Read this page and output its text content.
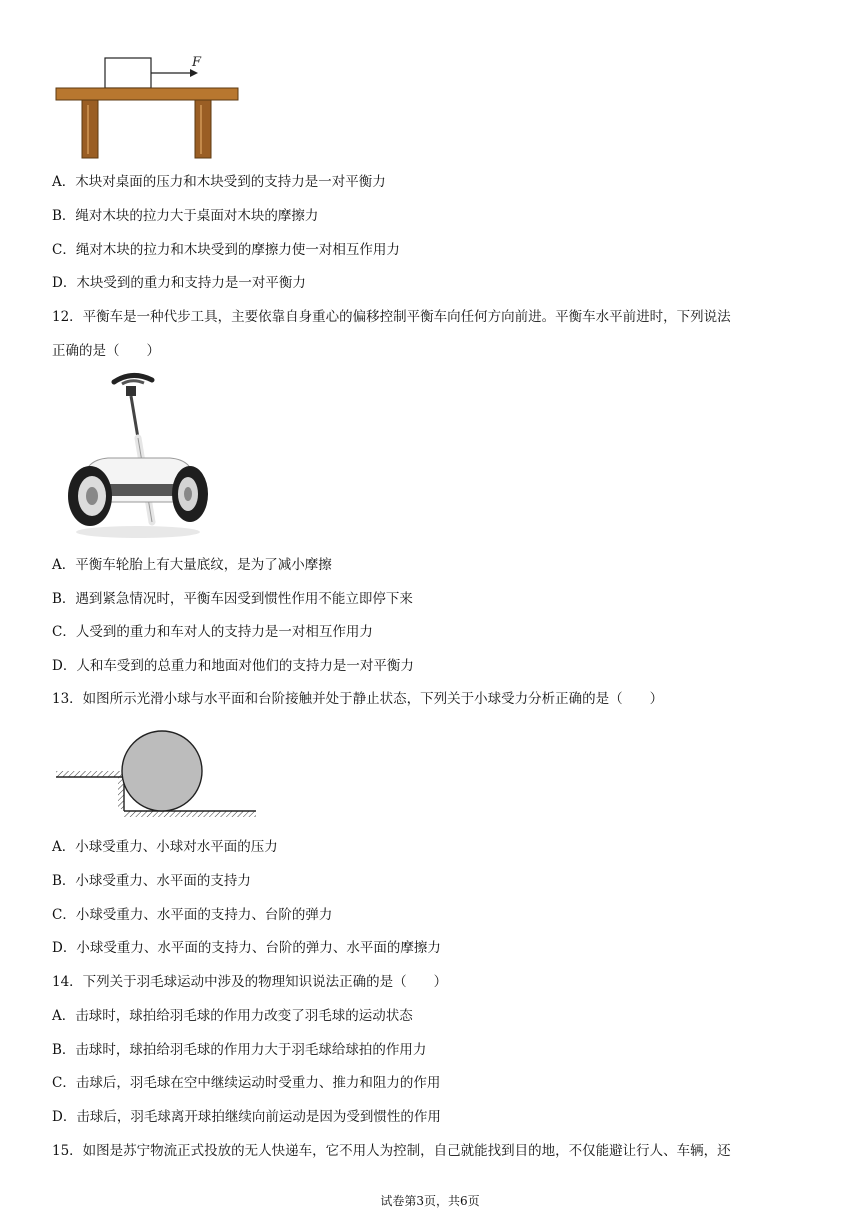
F
A．木块对桌面的压力和木块受到的支持力是一对平衡力
B．绳对木块的拉力大于桌面对木块的摩擦力
C．绳对木块的拉力和木块受到的摩擦力使一对相互作用力
D．木块受到的重力和支持力是一对平衡力
12．平衡车是一种代步工具，主要依靠自身重心的偏移控制平衡车向任何方向前进。平衡车水平前进时，下列说法
正确的是（　　）
A．平衡车轮胎上有大量底纹，是为了减小摩擦
B．遇到紧急情况时，平衡车因受到惯性作用不能立即停下来
C．人受到的重力和车对人的支持力是一对相互作用力
D．人和车受到的总重力和地面对他们的支持力是一对平衡力
13．如图所示光滑小球与水平面和台阶接触并处于静止状态，下列关于小球受力分析正确的是（　　）
A．小球受重力、小球对水平面的压力
B．小球受重力、水平面的支持力
C．小球受重力、水平面的支持力、台阶的弹力
D．小球受重力、水平面的支持力、台阶的弹力、水平面的摩擦力
14．下列关于羽毛球运动中涉及的物理知识说法正确的是（　　）
A．击球时，球拍给羽毛球的作用力改变了羽毛球的运动状态
B．击球时，球拍给羽毛球的作用力大于羽毛球给球拍的作用力
C．击球后，羽毛球在空中继续运动时受重力、推力和阻力的作用
D．击球后，羽毛球离开球拍继续向前运动是因为受到惯性的作用
15．如图是苏宁物流正式投放的无人快递车，它不用人为控制，自己就能找到目的地，不仅能避让行人、车辆，还
试卷第3页，共6页
